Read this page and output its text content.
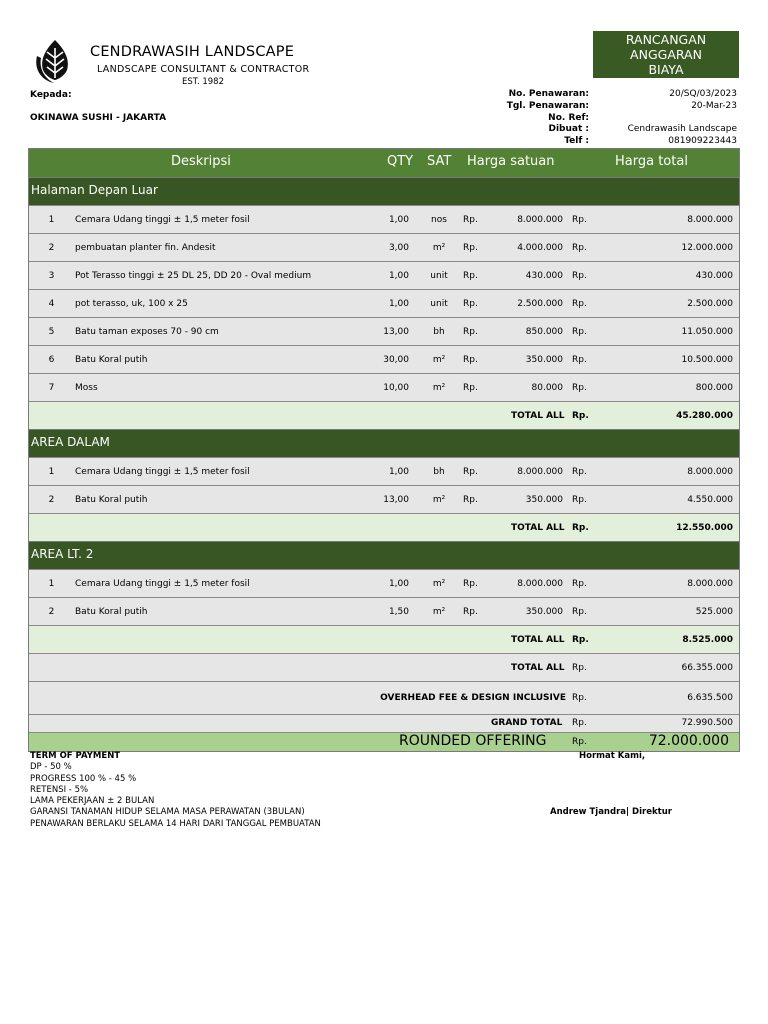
CENDRAWASIH LANDSCAPE
LANDSCAPE CONSULTANT & CONTRACTOR
EST. 1982
RANCANGAN
ANGGARAN
BIAYA
Kepada:
OKINAWA SUSHI - JAKARTA
No. Penawaran:	20/SQ/03/2023
Tgl. Penawaran:	20-Mar-23
No. Ref:
Dibuat :	Cendrawasih Landscape
Telf :	081909223443
Deskripsi	QTY SAT Harga satuan	Harga total
Halaman Depan Luar
1	Cemara Udang tinggi ± 1,5 meter fosil	1,00	nos	Rp.	8.000.000 Rp.	8.000.000
2	pembuatan planter fin. Andesit	3,00	m²	Rp.	4.000.000 Rp.	12.000.000
3	Pot Terasso tinggi ± 25 DL 25, DD 20 - Oval medium	1,00	unit	Rp.	430.000 Rp.	430.000
4	pot terasso, uk, 100 x 25	1,00	unit	Rp.	2.500.000 Rp.	2.500.000
5	Batu taman exposes 70 - 90 cm	13,00	bh	Rp.	850.000 Rp.	11.050.000
6	Batu Koral putih	30,00	m²	Rp.	350.000 Rp.	10.500.000
7	Moss	10,00	m²	Rp.	80.000 Rp.	800.000
TOTAL ALL Rp.	45.280.000
AREA DALAM
1	Cemara Udang tinggi ± 1,5 meter fosil	1,00	bh	Rp.	8.000.000 Rp.	8.000.000
2	Batu Koral putih	13,00	m²	Rp.	350.000 Rp.	4.550.000
TOTAL ALL Rp.	12.550.000
AREA LT. 2
1	Cemara Udang tinggi ± 1,5 meter fosil	1,00	m²	Rp.	8.000.000 Rp.	8.000.000
2	Batu Koral putih	1,50	m²	Rp.	350.000 Rp.	525.000
TOTAL ALL Rp.	8.525.000
TOTAL ALL Rp.	66.355.000
OVERHEAD FEE & DESIGN INCLUSIVE Rp.	6.635.500
GRAND TOTAL Rp.	72.990.500
ROUNDED OFFERING	Rp.	72.000.000
TERM OF PAYMENT
DP - 50 %
PROGRESS 100 % - 45 %
RETENSI - 5%
LAMA PEKERJAAN ± 2 BULAN
GARANSI TANAMAN HIDUP SELAMA MASA PERAWATAN (3BULAN)
PENAWARAN BERLAKU SELAMA 14 HARI DARI TANGGAL PEMBUATAN
Hormat Kami,
Andrew Tjandra| Direktur
